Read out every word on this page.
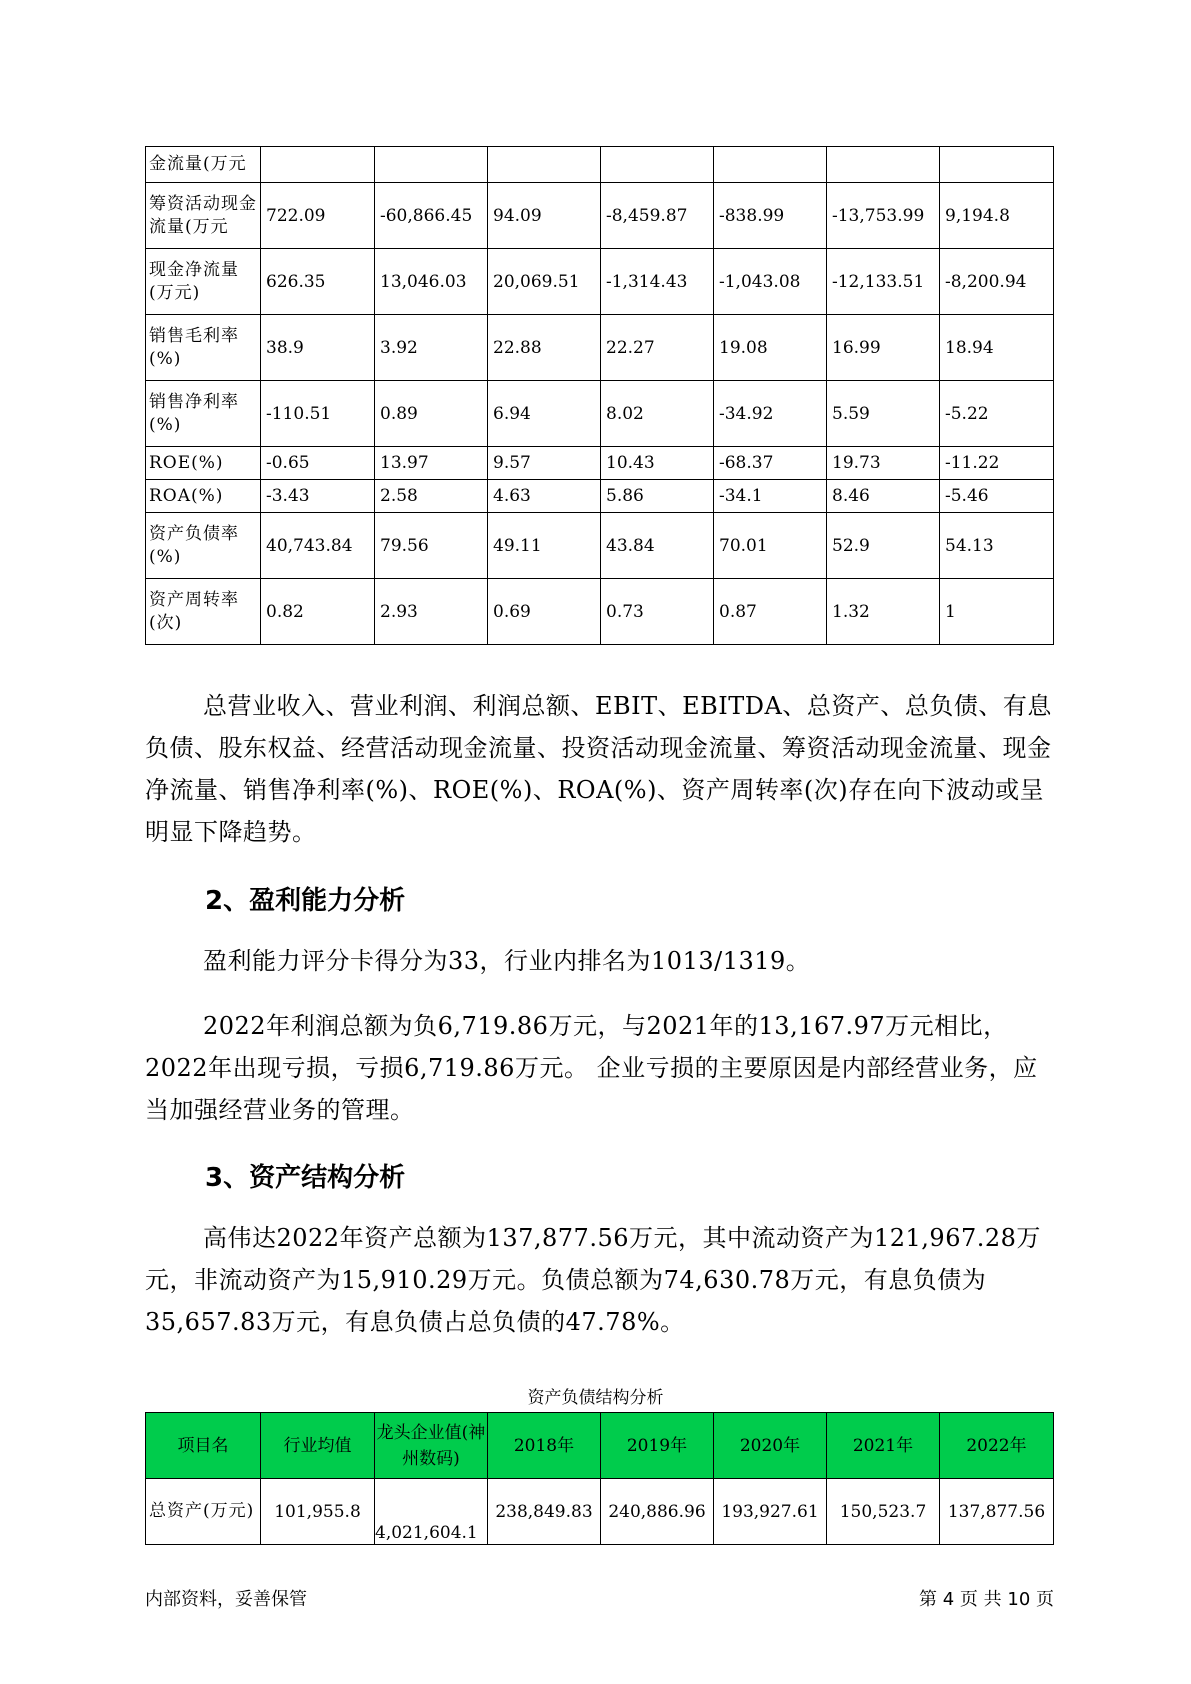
金流量(万元							
筹资活动现金流量(万元	722.09	-60,866.45	94.09	-8,459.87	-838.99	-13,753.99	9,194.8
现金净流量(万元)	626.35	13,046.03	20,069.51	-1,314.43	-1,043.08	-12,133.51	-8,200.94
销售毛利率(%)	38.9	3.92	22.88	22.27	19.08	16.99	18.94
销售净利率(%)	-110.51	0.89	6.94	8.02	-34.92	5.59	-5.22
ROE(%)	-0.65	13.97	9.57	10.43	-68.37	19.73	-11.22
ROA(%)	-3.43	2.58	4.63	5.86	-34.1	8.46	-5.46
资产负债率(%)	40,743.84	79.56	49.11	43.84	70.01	52.9	54.13
资产周转率(次)	0.82	2.93	0.69	0.73	0.87	1.32	1
总营业收入、营业利润、利润总额、EBIT、EBITDA、总资产、总负债、有息负债、股东权益、经营活动现金流量、投资活动现金流量、筹资活动现金流量、现金净流量、销售净利率(%)、ROE(%)、ROA(%)、资产周转率(次)存在向下波动或呈明显下降趋势。
2、盈利能力分析
盈利能力评分卡得分为33，行业内排名为1013/1319。
2022年利润总额为负6,719.86万元，与2021年的13,167.97万元相比，2022年出现亏损，亏损6,719.86万元。 企业亏损的主要原因是内部经营业务，应当加强经营业务的管理。
3、资产结构分析
高伟达2022年资产总额为137,877.56万元，其中流动资产为121,967.28万元，非流动资产为15,910.29万元。负债总额为74,630.78万元，有息负债为35,657.83万元，有息负债占总负债的47.78%。
资产负债结构分析
项目名	行业均值	龙头企业值(神州数码)	2018年	2019年	2020年	2021年	2022年
总资产(万元)	101,955.8	4,021,604.1	238,849.83	240,886.96	193,927.61	150,523.7	137,877.56
内部资料，妥善保管	第 4 页 共 10 页
